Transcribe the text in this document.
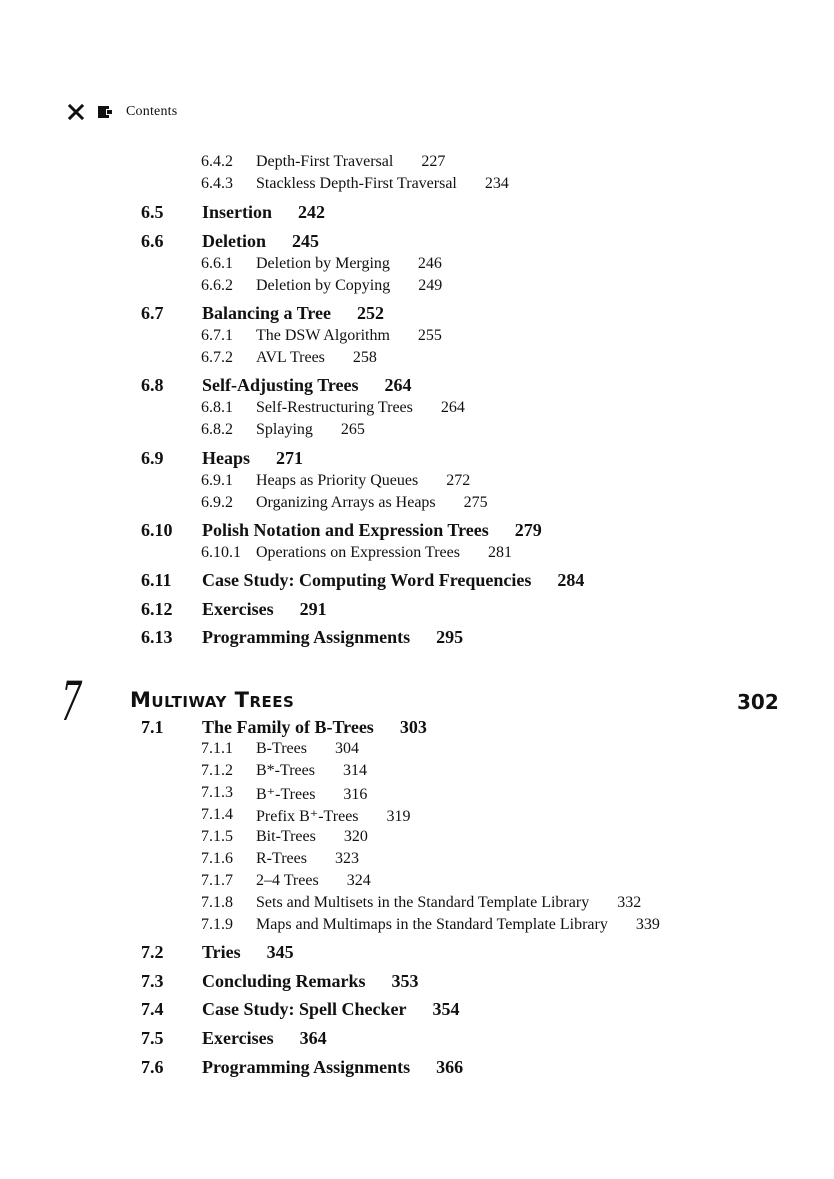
Contents
6.4.2 Depth-First Traversal 227
6.4.3 Stackless Depth-First Traversal 234
6.5 Insertion 242
6.6 Deletion 245
6.6.1 Deletion by Merging 246
6.6.2 Deletion by Copying 249
6.7 Balancing a Tree 252
6.7.1 The DSW Algorithm 255
6.7.2 AVL Trees 258
6.8 Self-Adjusting Trees 264
6.8.1 Self-Restructuring Trees 264
6.8.2 Splaying 265
6.9 Heaps 271
6.9.1 Heaps as Priority Queues 272
6.9.2 Organizing Arrays as Heaps 275
6.10 Polish Notation and Expression Trees 279
6.10.1 Operations on Expression Trees 281
6.11 Case Study: Computing Word Frequencies 284
6.12 Exercises 291
6.13 Programming Assignments 295
7 Multiway Trees	302
7.1 The Family of B-Trees 303
7.1.1 B-Trees 304
7.1.2 B*-Trees 314
7.1.3 B⁺-Trees 316
7.1.4 Prefix B⁺-Trees 319
7.1.5 Bit-Trees 320
7.1.6 R-Trees 323
7.1.7 2–4 Trees 324
7.1.8 Sets and Multisets in the Standard Template Library 332
7.1.9 Maps and Multimaps in the Standard Template Library 339
7.2 Tries 345
7.3 Concluding Remarks 353
7.4 Case Study: Spell Checker 354
7.5 Exercises 364
7.6 Programming Assignments 366
